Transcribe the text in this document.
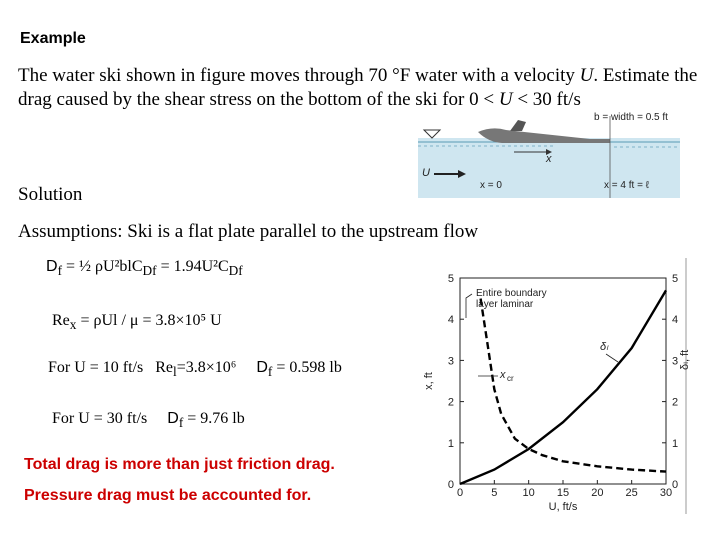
Example
The water ski shown in figure moves through 70 °F water with a velocity U. Estimate the drag caused by the shear stress on the bottom of the ski for 0 < U < 30 ft/s
x
b = width = 0.5 ft
U
x = 0	x = 4 ft = ℓ
Solution
Assumptions: Ski is a flat plate parallel to the upstream flow
$D_f$ = ½ $\rho U^2blC_{Df} = 1.94U^2C_{Df}$
$Re_x = \rho Ul / \mu = 3.8\times 10^5$ U
For U = 10 ft/s $Re_l=3.8\times 10^6$ $D_f = 0.598$ lb
For U = 30 ft/s $D_f = 9.76$ lb
Total drag is more than just friction drag.
Pressure drag must be accounted for.	0	5 10 15 20 25 30
0	0
1	1
2	2
3	3
4	4
5	5
U, ft/s
x, ft
Entire boundary
layer laminar
δₗ
x cr
δₗ, ft
